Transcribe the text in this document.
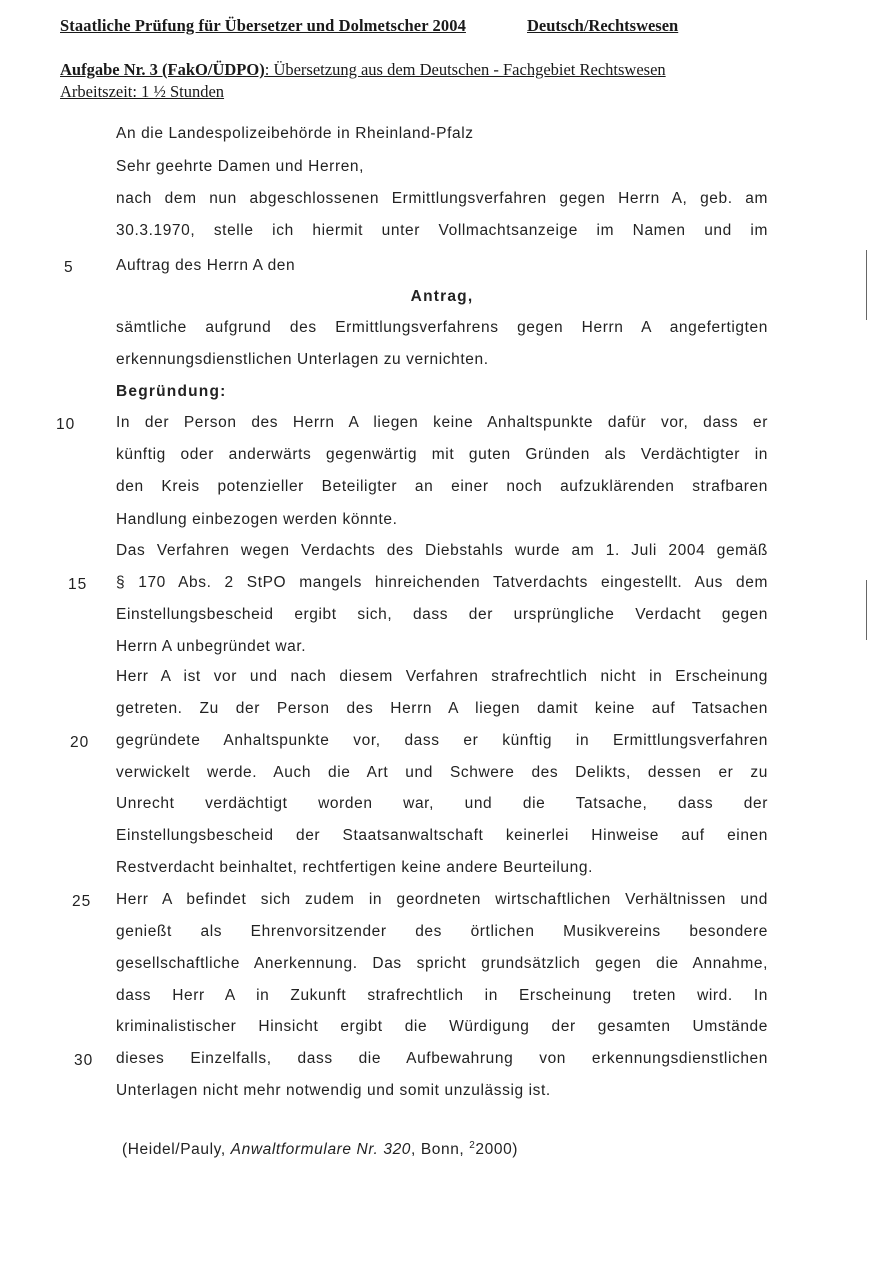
Staatliche Prüfung für Übersetzer und Dolmetscher 2004	Deutsch/Rechtswesen
Aufgabe Nr. 3 (FakO/ÜDPO): Übersetzung aus dem Deutschen - Fachgebiet Rechtswesen
Arbeitszeit: 1 ½ Stunden
An die Landespolizeibehörde in Rheinland-Pfalz
Sehr geehrte Damen und Herren,
nach dem nun abgeschlossenen Ermittlungsverfahren gegen Herrn A, geb. am
30.3.1970, stelle ich hiermit unter Vollmachtsanzeige im Namen und im
Auftrag des Herrn A den
Antrag,
sämtliche aufgrund des Ermittlungsverfahrens gegen Herrn A angefertigten
erkennungsdienstlichen Unterlagen zu vernichten.
Begründung:
In der Person des Herrn A liegen keine Anhaltspunkte dafür vor, dass er
künftig oder anderwärts gegenwärtig mit guten Gründen als Verdächtigter in
den Kreis potenzieller Beteiligter an einer noch aufzuklärenden strafbaren
Handlung einbezogen werden könnte.
Das Verfahren wegen Verdachts des Diebstahls wurde am 1. Juli 2004 gemäß
§ 170 Abs. 2 StPO mangels hinreichenden Tatverdachts eingestellt. Aus dem
Einstellungsbescheid ergibt sich, dass der ursprüngliche Verdacht gegen
Herrn A unbegründet war.
Herr A ist vor und nach diesem Verfahren strafrechtlich nicht in Erscheinung
getreten. Zu der Person des Herrn A liegen damit keine auf Tatsachen
gegründete Anhaltspunkte vor, dass er künftig in Ermittlungsverfahren
verwickelt werde. Auch die Art und Schwere des Delikts, dessen er zu
Unrecht verdächtigt worden war, und die Tatsache, dass der
Einstellungsbescheid der Staatsanwaltschaft keinerlei Hinweise auf einen
Restverdacht beinhaltet, rechtfertigen keine andere Beurteilung.
Herr A befindet sich zudem in geordneten wirtschaftlichen Verhältnissen und
genießt als Ehrenvorsitzender des örtlichen Musikvereins besondere
gesellschaftliche Anerkennung. Das spricht grundsätzlich gegen die Annahme,
dass Herr A in Zukunft strafrechtlich in Erscheinung treten wird. In
kriminalistischer Hinsicht ergibt die Würdigung der gesamten Umstände
dieses Einzelfalls, dass die Aufbewahrung von erkennungsdienstlichen
Unterlagen nicht mehr notwendig und somit unzulässig ist.
5
10
15
20
25
30
(Heidel/Pauly, Anwaltformulare Nr. 320, Bonn, $^2$2000)
